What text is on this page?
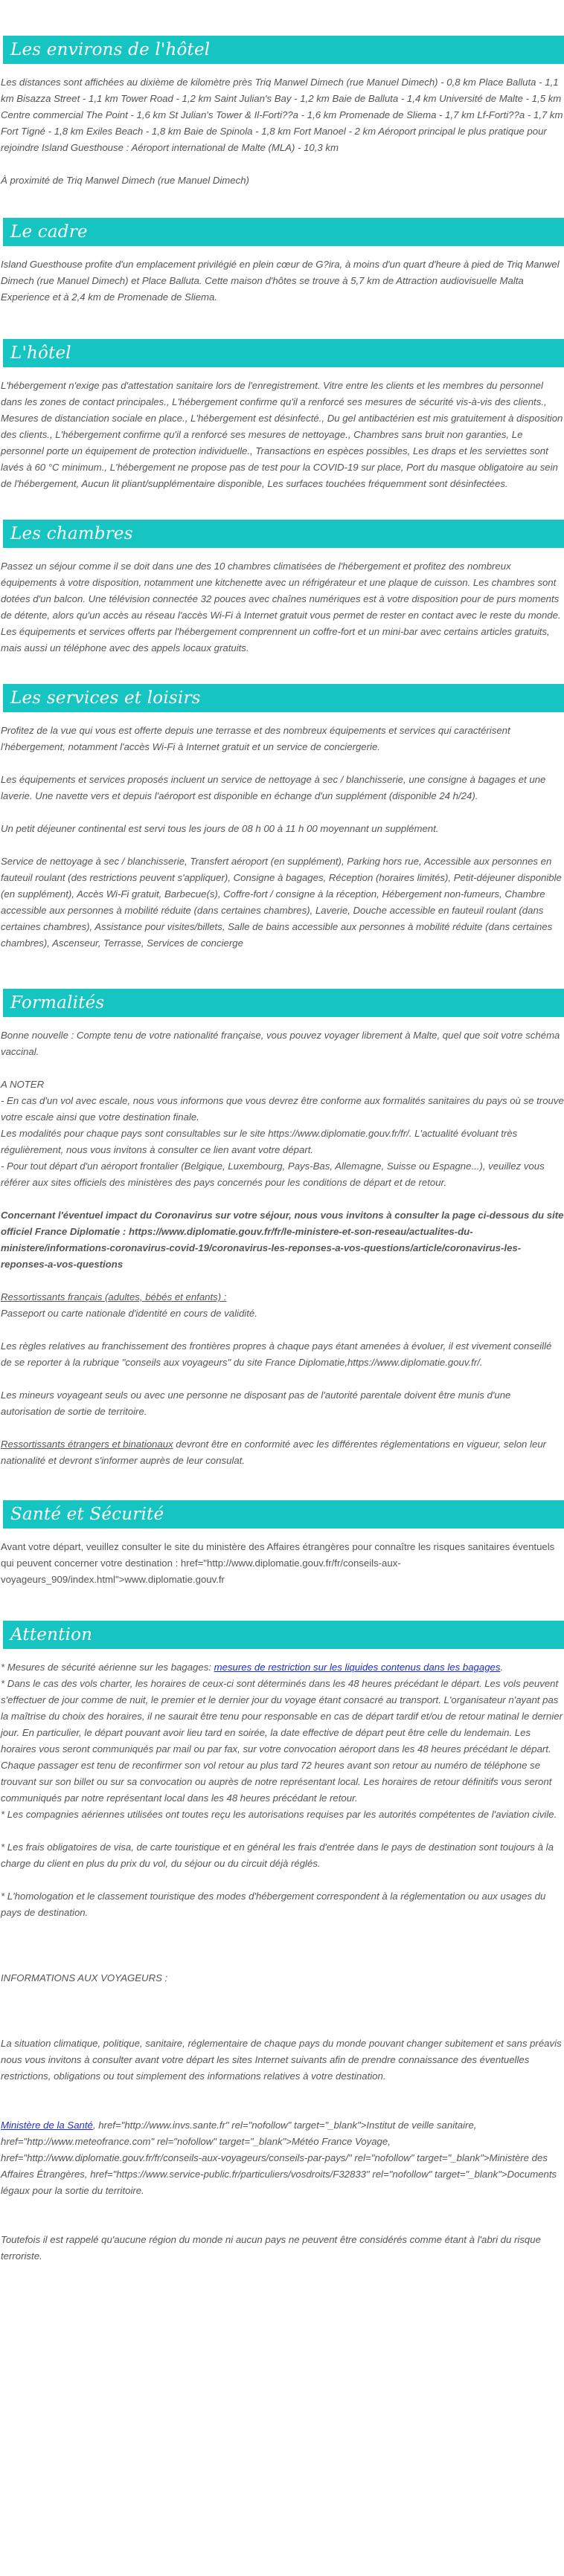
Les environs de l'hôtel

Les distances sont affichées au dixième de kilomètre près Triq Manwel Dimech (rue Manuel Dimech) - 0,8 km Place Balluta - 1,1 km Bisazza Street - 1,1 km Tower Road - 1,2 km Saint Julian's Bay - 1,2 km Baie de Balluta - 1,4 km Université de Malte - 1,5 km Centre commercial The Point - 1,6 km St Julian's Tower & Il-Forti??a - 1,6 km Promenade de Sliema - 1,7 km Lf-Forti??a - 1,7 km Fort Tigné - 1,8 km Exiles Beach - 1,8 km Baie de Spinola - 1,8 km Fort Manoel - 2 km Aéroport principal le plus pratique pour rejoindre Island Guesthouse : Aéroport international de Malte (MLA) - 10,3 km

À proximité de Triq Manwel Dimech (rue Manuel Dimech)

Le cadre

Island Guesthouse profite d'un emplacement privilégié en plein cœur de G?ira, à moins d'un quart d'heure à pied de Triq Manwel Dimech (rue Manuel Dimech) et Place Balluta. Cette maison d'hôtes se trouve à 5,7 km de Attraction audiovisuelle Malta Experience et à 2,4 km de Promenade de Sliema.

L'hôtel

L'hébergement n'exige pas d'attestation sanitaire lors de l'enregistrement. Vitre entre les clients et les membres du personnel dans les zones de contact principales., L'hébergement confirme qu'il a renforcé ses mesures de sécurité vis-à-vis des clients., Mesures de distanciation sociale en place., L'hébergement est désinfecté., Du gel antibactérien est mis gratuitement à disposition des clients., L'hébergement confirme qu'il a renforcé ses mesures de nettoyage., Chambres sans bruit non garanties, Le personnel porte un équipement de protection individuelle., Transactions en espèces possibles, Les draps et les serviettes sont lavés à 60 °C minimum., L'hébergement ne propose pas de test pour la COVID-19 sur place, Port du masque obligatoire au sein de l'hébergement, Aucun lit pliant/supplémentaire disponible, Les surfaces touchées fréquemment sont désinfectées.

Les chambres

Passez un séjour comme il se doit dans une des 10 chambres climatisées de l'hébergement et profitez des nombreux équipements à votre disposition, notamment une kitchenette avec un réfrigérateur et une plaque de cuisson. Les chambres sont dotées d'un balcon. Une télévision connectée 32 pouces avec chaînes numériques est à votre disposition pour de purs moments de détente, alors qu'un accès au réseau l'accès Wi-Fi à Internet gratuit vous permet de rester en contact avec le reste du monde. Les équipements et services offerts par l'hébergement comprennent un coffre-fort et un mini-bar avec certains articles gratuits, mais aussi un téléphone avec des appels locaux gratuits.

Les services et loisirs

Profitez de la vue qui vous est offerte depuis une terrasse et des nombreux équipements et services qui caractérisent l'hébergement, notamment l'accès Wi-Fi à Internet gratuit et un service de conciergerie.

Les équipements et services proposés incluent un service de nettoyage à sec / blanchisserie, une consigne à bagages et une laverie. Une navette vers et depuis l'aéroport est disponible en échange d'un supplément (disponible 24 h/24).

Un petit déjeuner continental est servi tous les jours de 08 h 00 à 11 h 00 moyennant un supplément.

Service de nettoyage à sec / blanchisserie, Transfert aéroport (en supplément), Parking hors rue, Accessible aux personnes en fauteuil roulant (des restrictions peuvent s'appliquer), Consigne à bagages, Réception (horaires limités), Petit-déjeuner disponible (en supplément), Accès Wi-Fi gratuit, Barbecue(s), Coffre-fort / consigne à la réception, Hébergement non-fumeurs, Chambre accessible aux personnes à mobilité réduite (dans certaines chambres), Laverie, Douche accessible en fauteuil roulant (dans certaines chambres), Assistance pour visites/billets, Salle de bains accessible aux personnes à mobilité réduite (dans certaines chambres), Ascenseur, Terrasse, Services de concierge

Formalités

Bonne nouvelle : Compte tenu de votre nationalité française, vous pouvez voyager librement à Malte, quel que soit votre schéma vaccinal.

A NOTER

- En cas d'un vol avec escale, nous vous informons que vous devrez être conforme aux formalités sanitaires du pays où se trouve votre escale ainsi que votre destination finale.

Les modalités pour chaque pays sont consultables sur le site https://www.diplomatie.gouv.fr/fr/. L'actualité évoluant très régulièrement, nous vous invitons à consulter ce lien avant votre départ.

- Pour tout départ d'un aéroport frontalier (Belgique, Luxembourg, Pays-Bas, Allemagne, Suisse ou Espagne...), veuillez vous référer aux sites officiels des ministères des pays concernés pour les conditions de départ et de retour.

Concernant l'éventuel impact du Coronavirus sur votre séjour, nous vous invitons à consulter la page ci-dessous du site officiel France Diplomatie : https://www.diplomatie.gouv.fr/fr/le-ministere-et-son-reseau/actualites-du-ministere/informations-coronavirus-covid-19/coronavirus-les-reponses-a-vos-questions/article/coronavirus-les-reponses-a-vos-questions

Ressortissants français (adultes, bébés et enfants) :

Passeport ou carte nationale d'identité en cours de validité.

Les règles relatives au franchissement des frontières propres à chaque pays étant amenées à évoluer, il est vivement conseillé de se reporter à la rubrique "conseils aux voyageurs" du site France Diplomatie,https://www.diplomatie.gouv.fr/.

Les mineurs voyageant seuls ou avec une personne ne disposant pas de l'autorité parentale doivent être munis d'une autorisation de sortie de territoire.

Ressortissants étrangers et binationaux devront être en conformité avec les différentes réglementations en vigueur, selon leur nationalité et devront s'informer auprès de leur consulat.

Santé et Sécurité

Avant votre départ, veuillez consulter le site du ministère des Affaires étrangères pour connaître les risques sanitaires éventuels qui peuvent concerner votre destination : href="http://www.diplomatie.gouv.fr/fr/conseils-aux-voyageurs_909/index.html">www.diplomatie.gouv.fr

Attention

* Mesures de sécurité aérienne sur les bagages: mesures de restriction sur les liquides contenus dans les bagages.

* Dans le cas des vols charter, les horaires de ceux-ci sont déterminés dans les 48 heures précédant le départ. Les vols peuvent s'effectuer de jour comme de nuit, le premier et le dernier jour du voyage étant consacré au transport. L'organisateur n'ayant pas la maîtrise du choix des horaires, il ne saurait être tenu pour responsable en cas de départ tardif et/ou de retour matinal le dernier jour. En particulier, le départ pouvant avoir lieu tard en soirée, la date effective de départ peut être celle du lendemain. Les horaires vous seront communiqués par mail ou par fax, sur votre convocation aéroport dans les 48 heures précédant le départ. Chaque passager est tenu de reconfirmer son vol retour au plus tard 72 heures avant son retour au numéro de téléphone se trouvant sur son billet ou sur sa convocation ou auprès de notre représentant local. Les horaires de retour définitifs vous seront communiqués par notre représentant local dans les 48 heures précédant le retour.

* Les compagnies aériennes utilisées ont toutes reçu les autorisations requises par les autorités compétentes de l'aviation civile.

* Les frais obligatoires de visa, de carte touristique et en général les frais d'entrée dans le pays de destination sont toujours à la charge du client en plus du prix du vol, du séjour ou du circuit déjà réglés.

* L'homologation et le classement touristique des modes d'hébergement correspondent à la réglementation ou aux usages du pays de destination.

INFORMATIONS AUX VOYAGEURS :

La situation climatique, politique, sanitaire, réglementaire de chaque pays du monde pouvant changer subitement et sans préavis

nous vous invitons à consulter avant votre départ les sites Internet suivants afin de prendre connaissance des éventuelles restrictions, obligations ou tout simplement des informations relatives à votre destination.

Ministère de la Santé, href="http://www.invs.sante.fr" rel="nofollow" target="_blank">Institut de veille sanitaire, href="http://www.meteofrance.com" rel="nofollow" target="_blank">Météo France Voyage, href="http://www.diplomatie.gouv.fr/fr/conseils-aux-voyageurs/conseils-par-pays/" rel="nofollow" target="_blank">Ministère des Affaires Étrangères, href="https://www.service-public.fr/particuliers/vosdroits/F32833" rel="nofollow" target="_blank">Documents légaux pour la sortie du territoire.

Toutefois il est rappelé qu'aucune région du monde ni aucun pays ne peuvent être considérés comme étant à l'abri du risque terroriste.
